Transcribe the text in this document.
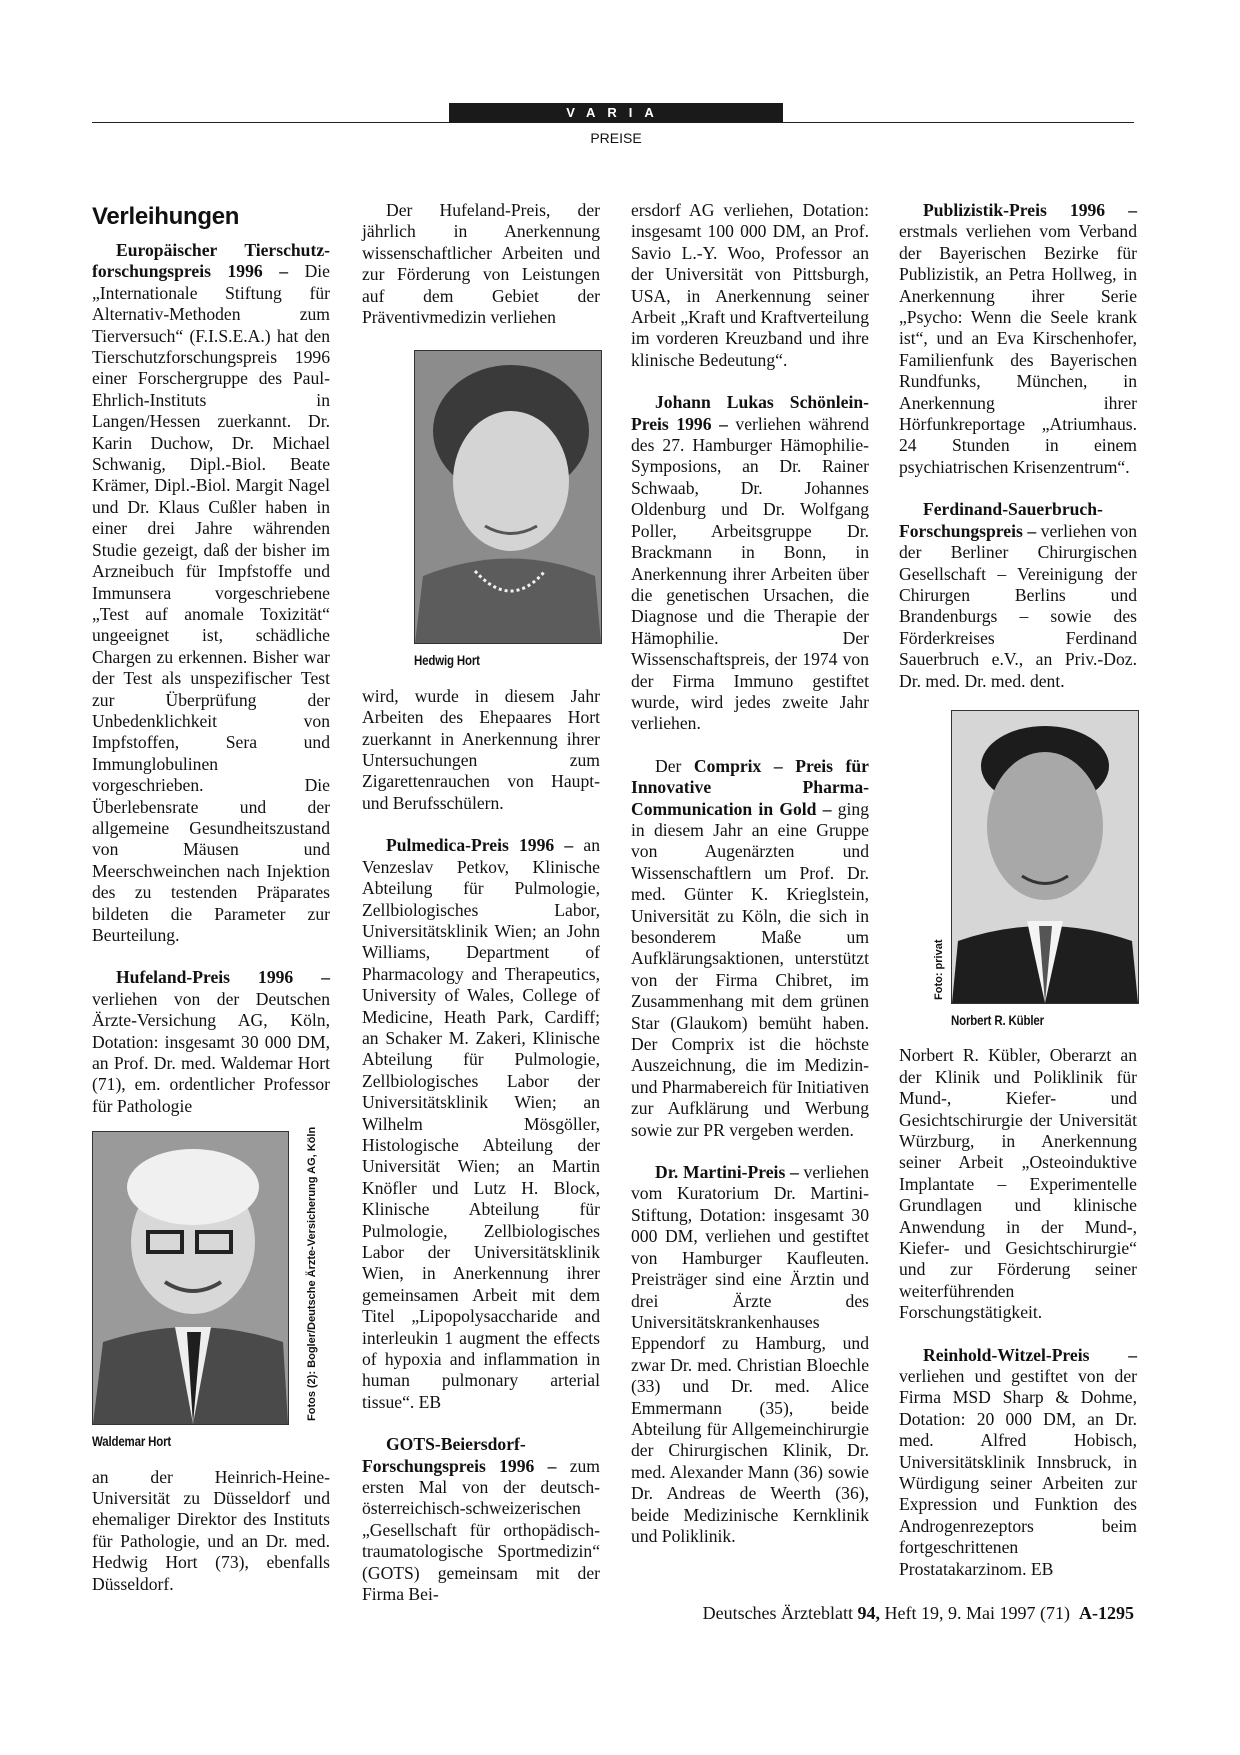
VARIA
PREISE
Verleihungen

Europäischer Tierschutz-forschungspreis 1996 – Die „Internationale Stiftung für Alternativ-Methoden zum Tierversuch“ (F.I.S.E.A.) hat den Tierschutzforschungspreis 1996 einer Forschergruppe des Paul-Ehrlich-Instituts in Langen/Hessen zuerkannt. Dr. Karin Duchow, Dr. Michael Schwanig, Dipl.-Biol. Beate Krämer, Dipl.-Biol. Margit Nagel und Dr. Klaus Cußler haben in einer drei Jahre währenden Studie gezeigt, daß der bisher im Arzneibuch für Impfstoffe und Immunsera vorgeschriebene „Test auf anomale Toxizität“ ungeeignet ist, schädliche Chargen zu erkennen. Bisher war der Test als unspezifischer Test zur Überprüfung der Unbedenklichkeit von Impfstoffen, Sera und Immunglobulinen vorgeschrieben. Die Überlebensrate und der allgemeine Gesundheitszustand von Mäusen und Meerschweinchen nach Injektion des zu testenden Präparates bildeten die Parameter zur Beurteilung.

Hufeland-Preis 1996 – verliehen von der Deutschen Ärzte-Versichung AG, Köln, Dotation: insgesamt 30 000 DM, an Prof. Dr. med. Waldemar Hort (71), em. ordentlicher Professor für Pathologie

Fotos (2): Bogler/Deutsche Ärzte-Versicherung AG, Köln
Waldemar Hort

an der Heinrich-Heine-Universität zu Düsseldorf und ehemaliger Direktor des Instituts für Pathologie, und an Dr. med. Hedwig Hort (73), ebenfalls Düsseldorf.

Der Hufeland-Preis, der jährlich in Anerkennung wissenschaftlicher Arbeiten und zur Förderung von Leistungen auf dem Gebiet der Präventivmedizin verliehen

Hedwig Hort

wird, wurde in diesem Jahr Arbeiten des Ehepaares Hort zuerkannt in Anerkennung ihrer Untersuchungen zum Zigarettenrauchen von Haupt- und Berufsschülern.

Pulmedica-Preis 1996 – an Venzeslav Petkov, Klinische Abteilung für Pulmologie, Zellbiologisches Labor, Universitätsklinik Wien; an John Williams, Department of Pharmacology and Therapeutics, University of Wales, College of Medicine, Heath Park, Cardiff; an Schaker M. Zakeri, Klinische Abteilung für Pulmologie, Zellbiologisches Labor der Universitätsklinik Wien; an Wilhelm Mösgöller, Histologische Abteilung der Universität Wien; an Martin Knöfler und Lutz H. Block, Klinische Abteilung für Pulmologie, Zellbiologisches Labor der Universitätsklinik Wien, in Anerkennung ihrer gemeinsamen Arbeit mit dem Titel „Lipopolysaccharide and interleukin 1 augment the effects of hypoxia and inflammation in human pulmonary arterial tissue“. EB

GOTS-Beiersdorf-Forschungspreis 1996 – zum ersten Mal von der deutsch-österreichisch-schweizerischen „Gesellschaft für orthopädisch-traumatologische Sportmedizin“ (GOTS) gemeinsam mit der Firma Bei-

ersdorf AG verliehen, Dotation: insgesamt 100 000 DM, an Prof. Savio L.-Y. Woo, Professor an der Universität von Pittsburgh, USA, in Anerkennung seiner Arbeit „Kraft und Kraftverteilung im vorderen Kreuzband und ihre klinische Bedeutung“.

Johann Lukas Schönlein-Preis 1996 – verliehen während des 27. Hamburger Hämophilie-Symposions, an Dr. Rainer Schwaab, Dr. Johannes Oldenburg und Dr. Wolfgang Poller, Arbeitsgruppe Dr. Brackmann in Bonn, in Anerkennung ihrer Arbeiten über die genetischen Ursachen, die Diagnose und die Therapie der Hämophilie. Der Wissenschaftspreis, der 1974 von der Firma Immuno gestiftet wurde, wird jedes zweite Jahr verliehen.

Der Comprix – Preis für Innovative Pharma-Communication in Gold – ging in diesem Jahr an eine Gruppe von Augenärzten und Wissenschaftlern um Prof. Dr. med. Günter K. Krieglstein, Universität zu Köln, die sich in besonderem Maße um Aufklärungsaktionen, unterstützt von der Firma Chibret, im Zusammenhang mit dem grünen Star (Glaukom) bemüht haben. Der Comprix ist die höchste Auszeichnung, die im Medizin- und Pharmabereich für Initiativen zur Aufklärung und Werbung sowie zur PR vergeben werden.

Dr. Martini-Preis – verliehen vom Kuratorium Dr. Martini-Stiftung, Dotation: insgesamt 30 000 DM, verliehen und gestiftet von Hamburger Kaufleuten. Preisträger sind eine Ärztin und drei Ärzte des Universitätskrankenhauses Eppendorf zu Hamburg, und zwar Dr. med. Christian Bloechle (33) und Dr. med. Alice Emmermann (35), beide Abteilung für Allgemeinchirurgie der Chirurgischen Klinik, Dr. med. Alexander Mann (36) sowie Dr. Andreas de Weerth (36), beide Medizinische Kernklinik und Poliklinik.

Publizistik-Preis 1996 – erstmals verliehen vom Verband der Bayerischen Bezirke für Publizistik, an Petra Hollweg, in Anerkennung ihrer Serie „Psycho: Wenn die Seele krank ist“, und an Eva Kirschenhofer, Familienfunk des Bayerischen Rundfunks, München, in Anerkennung ihrer Hörfunkreportage „Atriumhaus. 24 Stunden in einem psychiatrischen Krisenzentrum“.

Ferdinand-Sauerbruch-Forschungspreis – verliehen von der Berliner Chirurgischen Gesellschaft – Vereinigung der Chirurgen Berlins und Brandenburgs – sowie des Förderkreises Ferdinand Sauerbruch e.V., an Priv.-Doz. Dr. med. Dr. med. dent.

Foto: privat
Norbert R. Kübler

Norbert R. Kübler, Oberarzt an der Klinik und Poliklinik für Mund-, Kiefer- und Gesichtschirurgie der Universität Würzburg, in Anerkennung seiner Arbeit „Osteoinduktive Implantate – Experimentelle Grundlagen und klinische Anwendung in der Mund-, Kiefer- und Gesichtschirurgie“ und zur Förderung seiner weiterführenden Forschungstätigkeit.

Reinhold-Witzel-Preis – verliehen und gestiftet von der Firma MSD Sharp & Dohme, Dotation: 20 000 DM, an Dr. med. Alfred Hobisch, Universitätsklinik Innsbruck, in Würdigung seiner Arbeiten zur Expression und Funktion des Androgenrezeptors beim fortgeschrittenen Prostatakarzinom. EB

Deutsches Ärzteblatt 94, Heft 19, 9. Mai 1997 (71) A-1295
